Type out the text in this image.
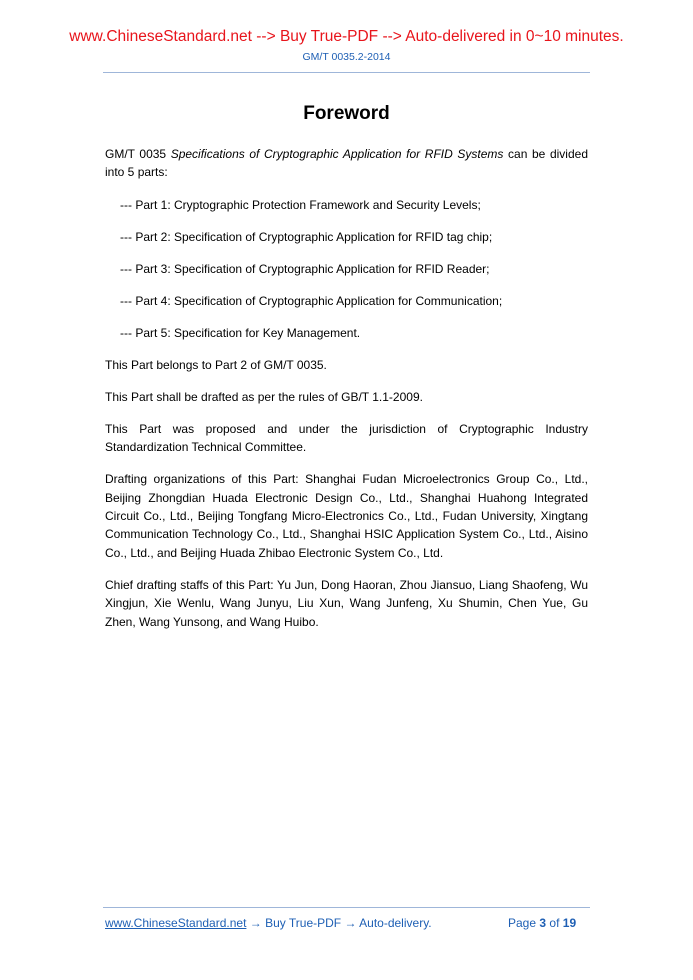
www.ChineseStandard.net --> Buy True-PDF --> Auto-delivered in 0~10 minutes.
GM/T 0035.2-2014
Foreword

GM/T 0035 Specifications of Cryptographic Application for RFID Systems can be divided into 5 parts:

--- Part 1: Cryptographic Protection Framework and Security Levels;

--- Part 2: Specification of Cryptographic Application for RFID tag chip;

--- Part 3: Specification of Cryptographic Application for RFID Reader;

--- Part 4: Specification of Cryptographic Application for Communication;

--- Part 5: Specification for Key Management.

This Part belongs to Part 2 of GM/T 0035.

This Part shall be drafted as per the rules of GB/T 1.1-2009.

This Part was proposed and under the jurisdiction of Cryptographic Industry Standardization Technical Committee.

Drafting organizations of this Part: Shanghai Fudan Microelectronics Group Co., Ltd., Beijing Zhongdian Huada Electronic Design Co., Ltd., Shanghai Huahong Integrated Circuit Co., Ltd., Beijing Tongfang Micro-Electronics Co., Ltd., Fudan University, Xingtang Communication Technology Co., Ltd., Shanghai HSIC Application System Co., Ltd., Aisino Co., Ltd., and Beijing Huada Zhibao Electronic System Co., Ltd.

Chief drafting staffs of this Part: Yu Jun, Dong Haoran, Zhou Jiansuo, Liang Shaofeng, Wu Xingjun, Xie Wenlu, Wang Junyu, Liu Xun, Wang Junfeng, Xu Shumin, Chen Yue, Gu Zhen, Wang Yunsong, and Wang Huibo.

www.ChineseStandard.net → Buy True-PDF → Auto-delivery.	Page 3 of 19
